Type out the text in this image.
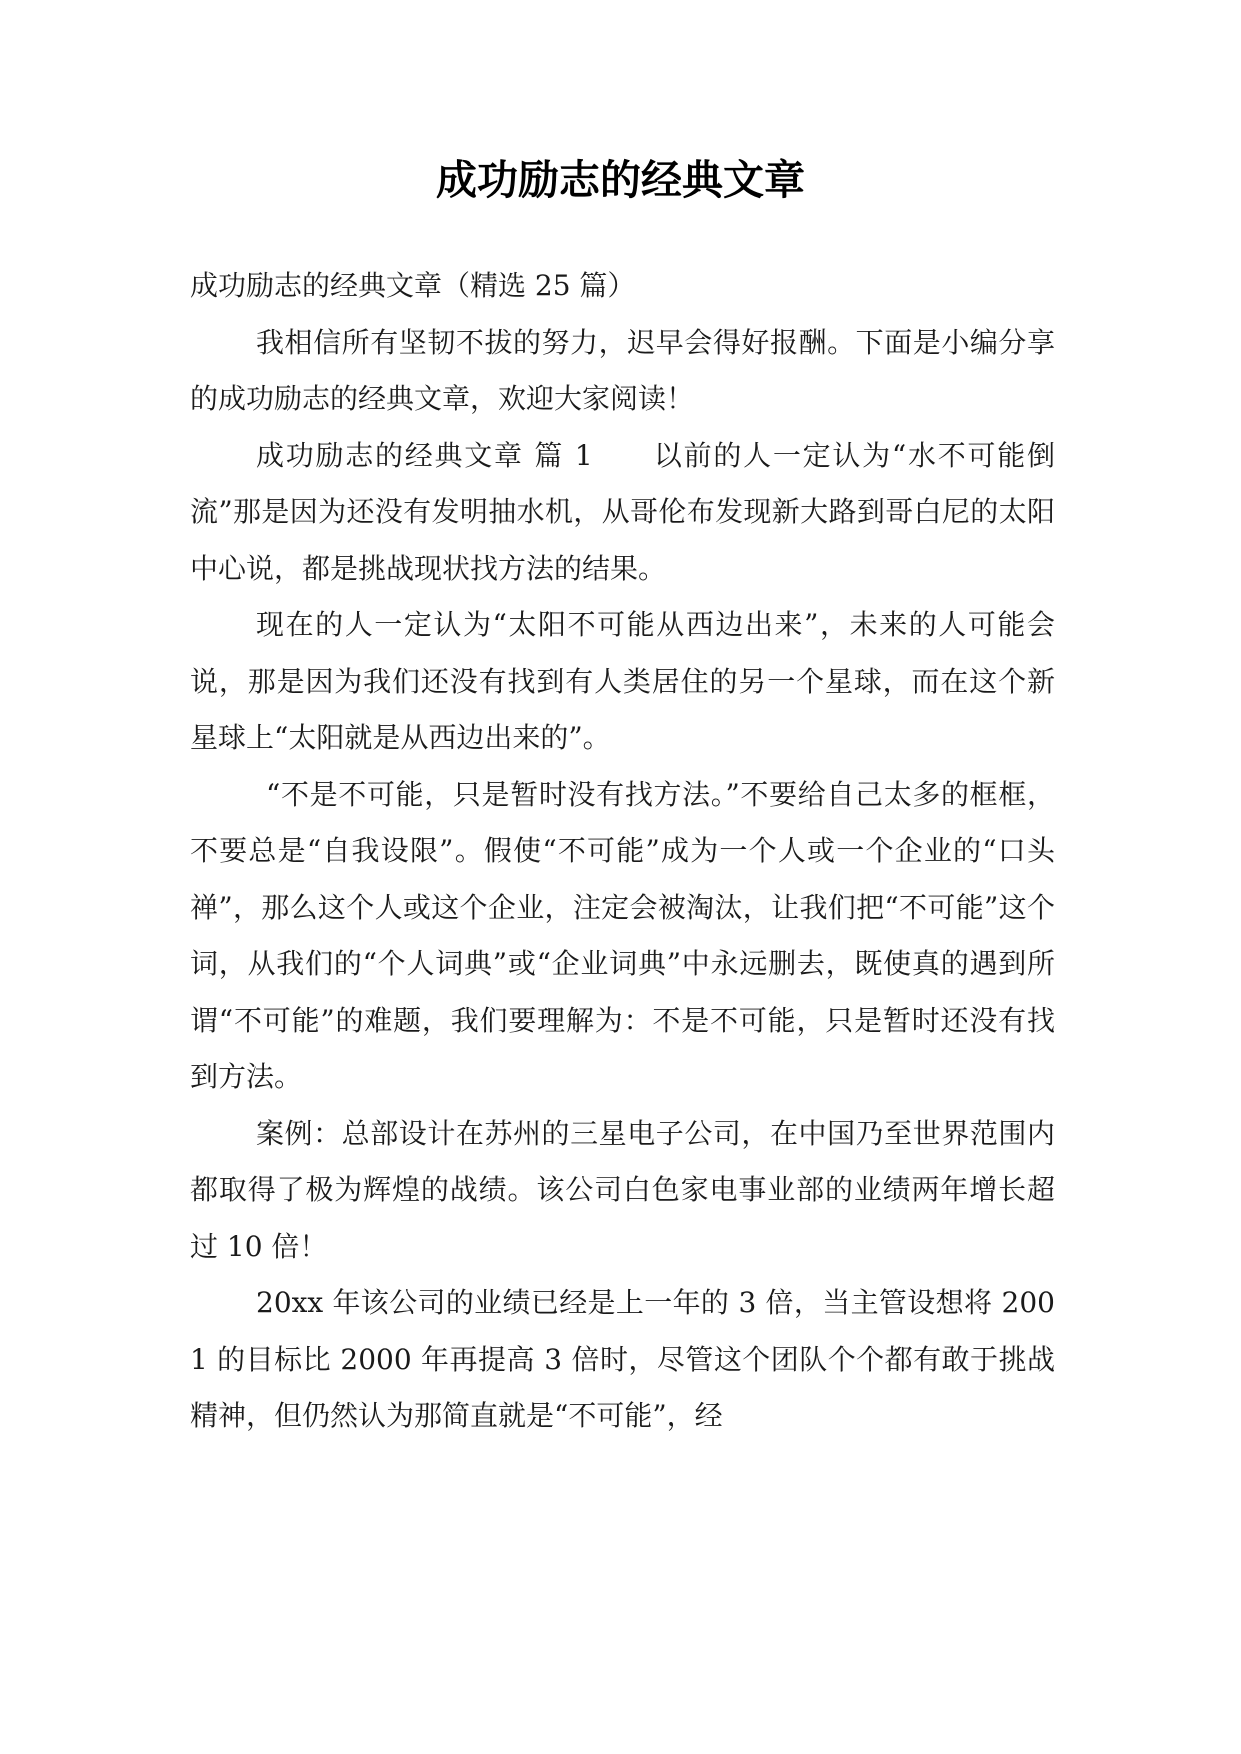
成功励志的经典文章

成功励志的经典文章（精选 25 篇）

我相信所有坚韧不拔的努力，迟早会得好报酬。下面是小编分享的成功励志的经典文章，欢迎大家阅读！

成功励志的经典文章 篇 1　　以前的人一定认为“水不可能倒流”那是因为还没有发明抽水机，从哥伦布发现新大路到哥白尼的太阳中心说，都是挑战现状找方法的结果。

现在的人一定认为“太阳不可能从西边出来”，未来的人可能会说，那是因为我们还没有找到有人类居住的另一个星球，而在这个新星球上“太阳就是从西边出来的”。

“不是不可能，只是暂时没有找方法。”不要给自己太多的框框，不要总是“自我设限”。假使“不可能”成为一个人或一个企业的“口头禅”，那么这个人或这个企业，注定会被淘汰，让我们把“不可能”这个词，从我们的“个人词典”或“企业词典”中永远删去，既使真的遇到所谓“不可能”的难题，我们要理解为：不是不可能，只是暂时还没有找到方法。

案例：总部设计在苏州的三星电子公司，在中国乃至世界范围内都取得了极为辉煌的战绩。该公司白色家电事业部的业绩两年增长超过 10 倍！

20xx 年该公司的业绩已经是上一年的 3 倍，当主管设想将 2001 的目标比 2000 年再提高 3 倍时，尽管这个团队个个都有敢于挑战精神，但仍然认为那简直就是“不可能”，经
